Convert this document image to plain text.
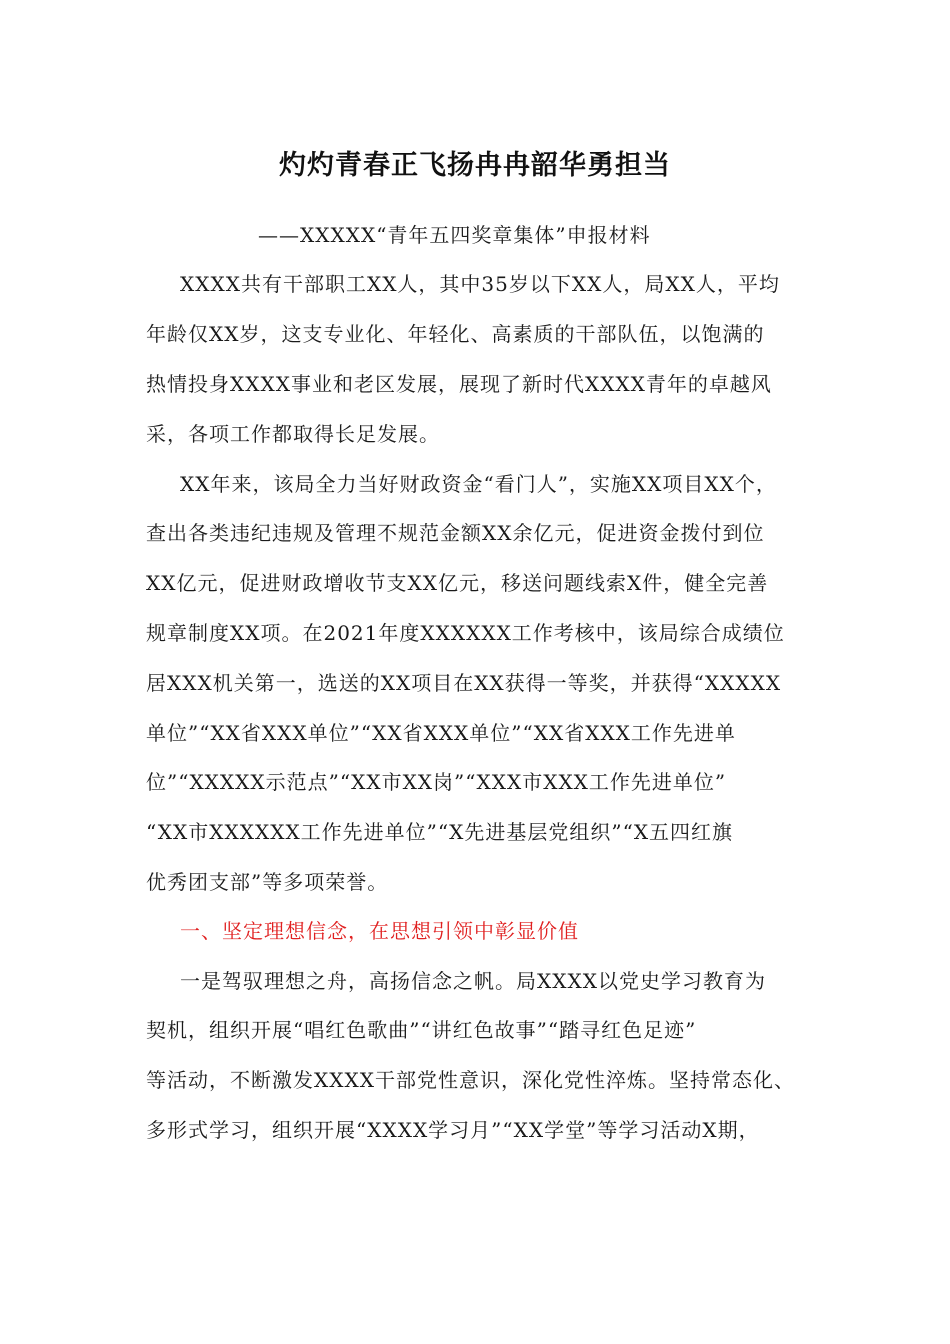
灼灼青春正飞扬冉冉韶华勇担当
——XXXXX“青年五四奖章集体”申报材料
XXXX共有干部职工XX人，其中35岁以下XX人，局XX人，平均
年龄仅XX岁，这支专业化、年轻化、高素质的干部队伍，以饱满的
热情投身XXXX事业和老区发展，展现了新时代XXXX青年的卓越风
采，各项工作都取得长足发展。
XX年来，该局全力当好财政资金“看门人”，实施XX项目XX个，
查出各类违纪违规及管理不规范金额XX余亿元，促进资金拨付到位
XX亿元，促进财政增收节支XX亿元，移送问题线索X件，健全完善
规章制度XX项。在2021年度XXXXXX工作考核中，该局综合成绩位
居XXX机关第一，选送的XX项目在XX获得一等奖，并获得“XXXXX
单位”“XX省XXX单位”“XX省XXX单位”“XX省XXX工作先进单
位”“XXXXX示范点”“XX市XX岗”“XXX市XXX工作先进单位”
“XX市XXXXXX工作先进单位”“X先进基层党组织”“X五四红旗
优秀团支部”等多项荣誉。
一、坚定理想信念，在思想引领中彰显价值
一是驾驭理想之舟，高扬信念之帆。局XXXX以党史学习教育为
契机，组织开展“唱红色歌曲”“讲红色故事”“踏寻红色足迹”
等活动，不断激发XXXX干部党性意识，深化党性淬炼。坚持常态化、
多形式学习，组织开展“XXXX学习月”“XX学堂”等学习活动X期，
